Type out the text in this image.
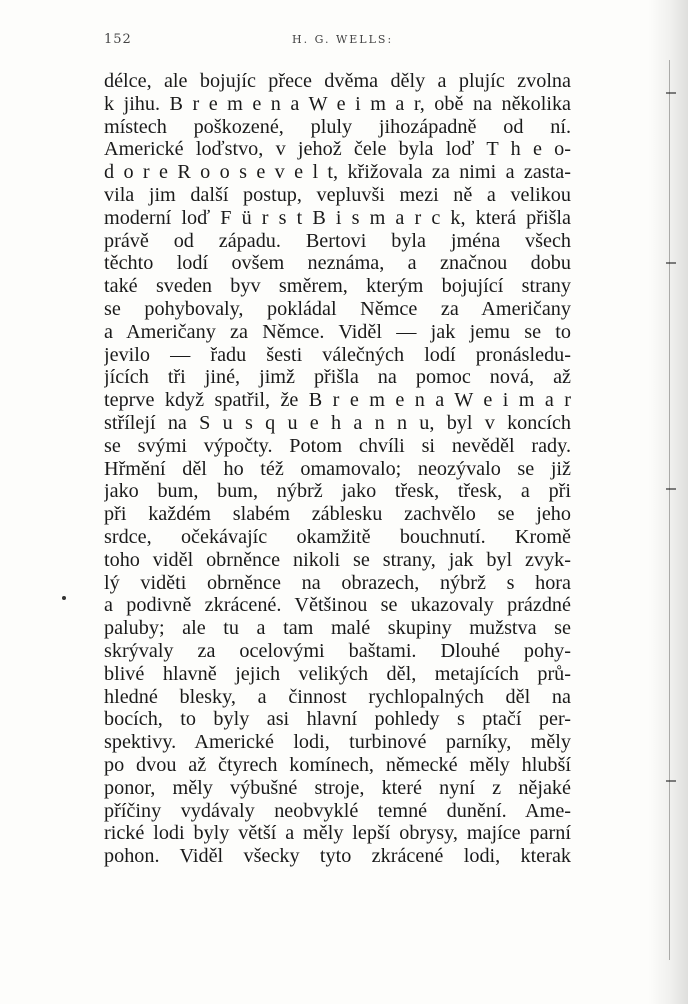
152	H. G. WELLS:
délce, ale bojujíc přece dvěma děly a plujíc zvolna
k jihu. B r e m e n a W e i m a r, obě na několika
místech poškozené, pluly jihozápadně od ní.
Americké loďstvo, v jehož čele byla loď T h e o-
d o r e R o o s e v e l t, křižovala za nimi a zasta-
vila jim další postup, vepluvši mezi ně a velikou
moderní loď F ü r s t B i s m a r c k, která přišla
právě od západu. Bertovi byla jména všech
těchto lodí ovšem neznáma, a značnou dobu
také sveden byv směrem, kterým bojující strany
se pohybovaly, pokládal Němce za Američany
a Američany za Němce. Viděl — jak jemu se to
jevilo — řadu šesti válečných lodí pronásledu-
jících tři jiné, jimž přišla na pomoc nová, až
teprve když spatřil, že B r e m e n a W e i m a r
střílejí na S u s q u e h a n n u, byl v koncích
se svými výpočty. Potom chvíli si nevěděl rady.
Hřmění děl ho též omamovalo; neozývalo se již
jako bum, bum, nýbrž jako třesk, třesk, a při
při každém slabém záblesku zachvělo se jeho
srdce, očekávajíc okamžitě bouchnutí. Kromě
toho viděl obrněnce nikoli se strany, jak byl zvyk-
lý viděti obrněnce na obrazech, nýbrž s hora
a podivně zkrácené. Většinou se ukazovaly prázdné
paluby; ale tu a tam malé skupiny mužstva se
skrývaly za ocelovými baštami. Dlouhé pohy-
blivé hlavně jejich velikých děl, metajících prů-
hledné blesky, a činnost rychlopalných děl na
bocích, to byly asi hlavní pohledy s ptačí per-
spektivy. Americké lodi, turbinové parníky, měly
po dvou až čtyrech komínech, německé měly hlubší
ponor, měly výbušné stroje, které nyní z nějaké
příčiny vydávaly neobvyklé temné dunění. Ame-
rické lodi byly větší a měly lepší obrysy, majíce parní
pohon. Viděl všecky tyto zkrácené lodi, kterak
